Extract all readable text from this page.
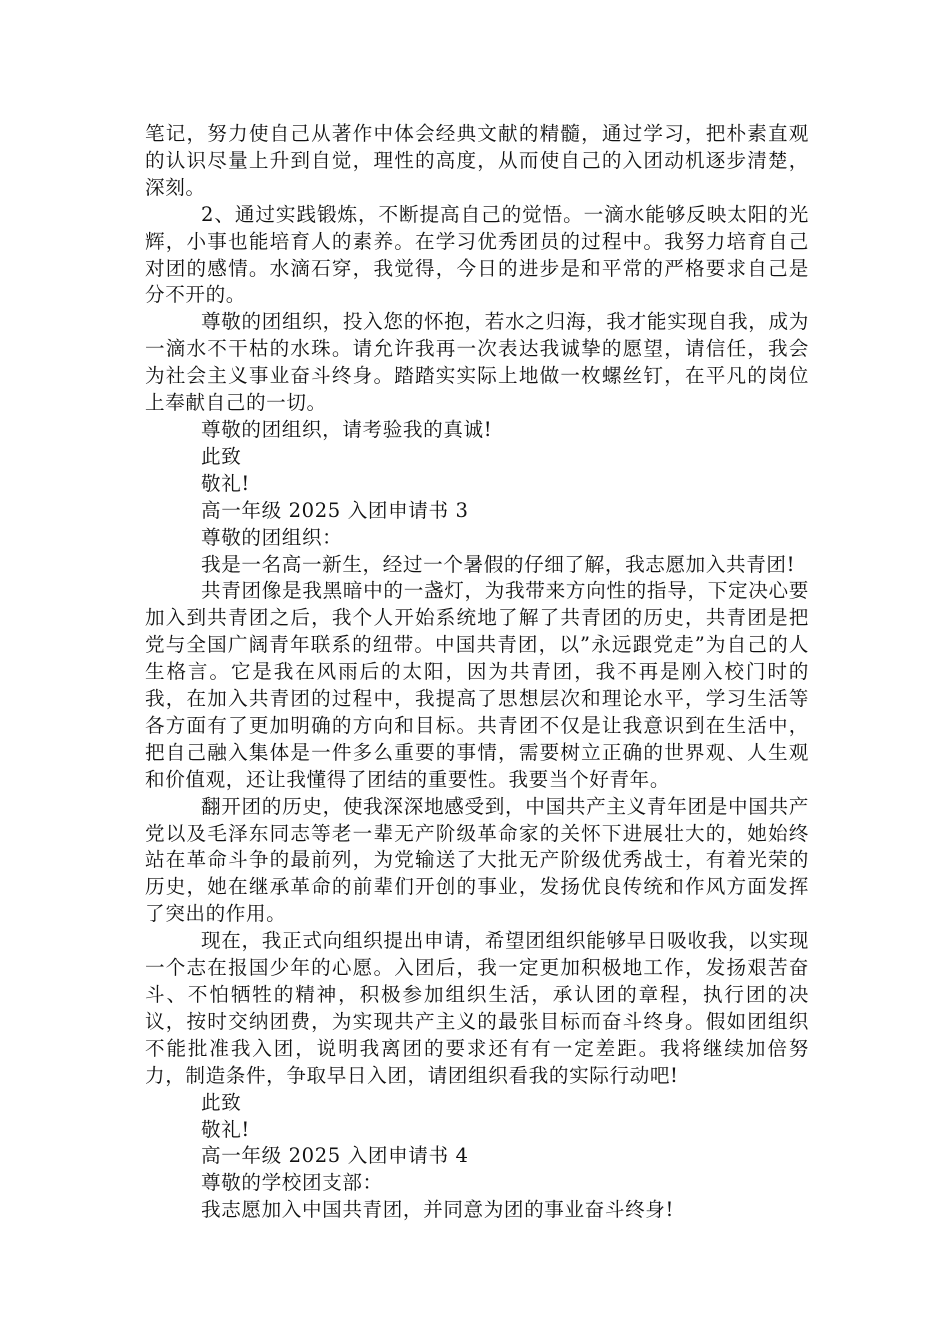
笔记，努力使自己从著作中体会经典文献的精髓，通过学习，把朴素直观的认识尽量上升到自觉，理性的高度，从而使自己的入团动机逐步清楚，深刻。

2、通过实践锻炼，不断提高自己的觉悟。一滴水能够反映太阳的光辉，小事也能培育人的素养。在学习优秀团员的过程中。我努力培育自己对团的感情。水滴石穿，我觉得，今日的进步是和平常的严格要求自己是分不开的。

尊敬的团组织，投入您的怀抱，若水之归海，我才能实现自我，成为一滴水不干枯的水珠。请允许我再一次表达我诚挚的愿望，请信任，我会为社会主义事业奋斗终身。踏踏实实际上地做一枚螺丝钉，在平凡的岗位上奉献自己的一切。

尊敬的团组织，请考验我的真诚!

此致

敬礼!

高一年级 2025 入团申请书 3

尊敬的团组织：

我是一名高一新生，经过一个暑假的仔细了解，我志愿加入共青团!

共青团像是我黑暗中的一盏灯，为我带来方向性的指导，下定决心要加入到共青团之后，我个人开始系统地了解了共青团的历史，共青团是把党与全国广阔青年联系的纽带。中国共青团，以”永远跟党走”为自己的人生格言。它是我在风雨后的太阳，因为共青团，我不再是刚入校门时的我，在加入共青团的过程中，我提高了思想层次和理论水平，学习生活等各方面有了更加明确的方向和目标。共青团不仅是让我意识到在生活中，把自己融入集体是一件多么重要的事情，需要树立正确的世界观、人生观和价值观，还让我懂得了团结的重要性。我要当个好青年。

翻开团的历史，使我深深地感受到，中国共产主义青年团是中国共产党以及毛泽东同志等老一辈无产阶级革命家的关怀下进展壮大的，她始终站在革命斗争的最前列，为党输送了大批无产阶级优秀战士，有着光荣的历史，她在继承革命的前辈们开创的事业，发扬优良传统和作风方面发挥了突出的作用。

现在，我正式向组织提出申请，希望团组织能够早日吸收我，以实现一个志在报国少年的心愿。入团后，我一定更加积极地工作，发扬艰苦奋斗、不怕牺牲的精神，积极参加组织生活，承认团的章程，执行团的决议，按时交纳团费，为实现共产主义的最张目标而奋斗终身。假如团组织不能批准我入团，说明我离团的要求还有有一定差距。我将继续加倍努力，制造条件，争取早日入团，请团组织看我的实际行动吧!

此致

敬礼!

高一年级 2025 入团申请书 4

尊敬的学校团支部：

我志愿加入中国共青团，并同意为团的事业奋斗终身!
